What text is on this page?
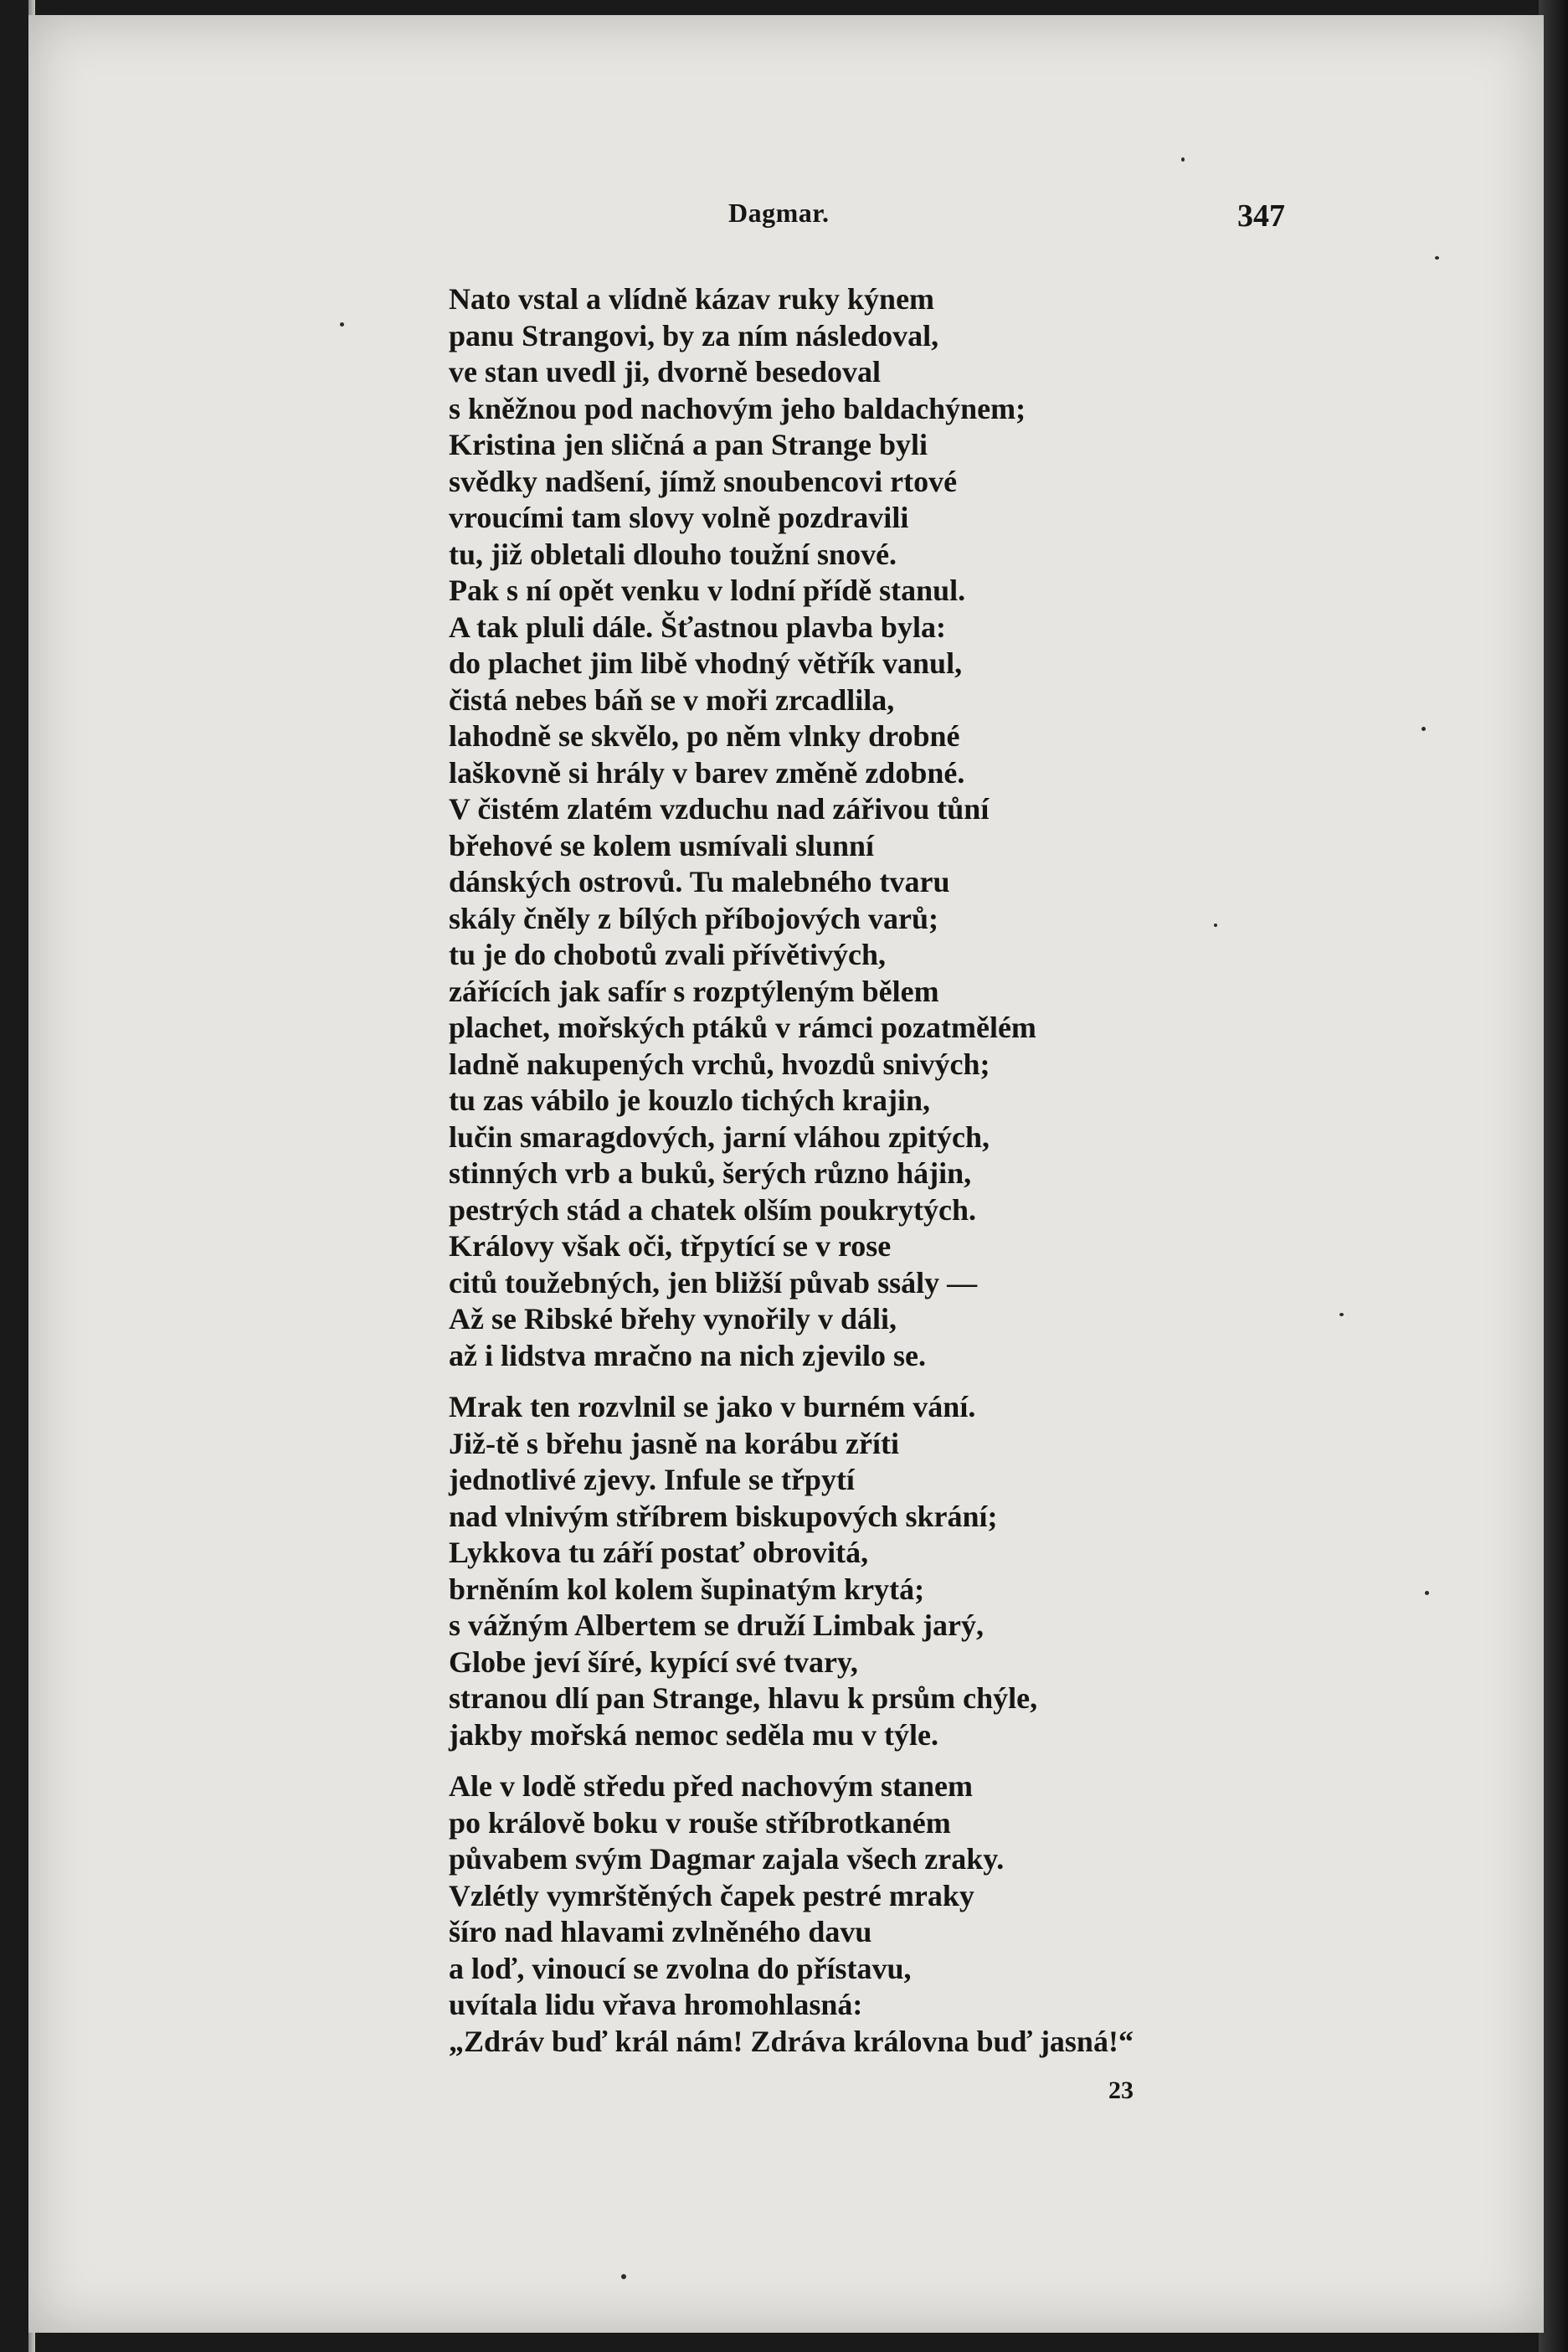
Dagmar.	347
Nato vstal a vlídně kázav ruky kýnem
panu Strangovi, by za ním následoval,
ve stan uvedl ji, dvorně besedoval
s kněžnou pod nachovým jeho baldachýnem;
Kristina jen sličná a pan Strange byli
svědky nadšení, jímž snoubencovi rtové
vroucími tam slovy volně pozdravili
tu, již obletali dlouho toužní snové.
Pak s ní opět venku v lodní přídě stanul.
A tak pluli dále. Šťastnou plavba byla:
do plachet jim libě vhodný větřík vanul,
čistá nebes báň se v moři zrcadlila,
lahodně se skvělo, po něm vlnky drobné
laškovně si hrály v barev změně zdobné.
V čistém zlatém vzduchu nad zářivou tůní
břehové se kolem usmívali slunní
dánských ostrovů. Tu malebného tvaru
skály čněly z bílých příbojových varů;
tu je do chobotů zvali přívětivých,
zářících jak safír s rozptýleným bělem
plachet, mořských ptáků v rámci pozatmělém
ladně nakupených vrchů, hvozdů snivých;
tu zas vábilo je kouzlo tichých krajin,
lučin smaragdových, jarní vláhou zpitých,
stinných vrb a buků, šerých různo hájin,
pestrých stád a chatek olším poukrytých.
Královy však oči, třpytící se v rose
citů toužebných, jen bližší půvab ssály —
Až se Ribské břehy vynořily v dáli,
až i lidstva mračno na nich zjevilo se.
Mrak ten rozvlnil se jako v burném vání.
Již-tě s břehu jasně na korábu zříti
jednotlivé zjevy. Infule se třpytí
nad vlnivým stříbrem biskupových skrání;
Lykkova tu září postať obrovitá,
brněním kol kolem šupinatým krytá;
s vážným Albertem se druží Limbak jarý,
Globe jeví šíré, kypící své tvary,
stranou dlí pan Strange, hlavu k prsům chýle,
jakby mořská nemoc seděla mu v týle.
Ale v lodě středu před nachovým stanem
po králově boku v rouše stříbrotkaném
půvabem svým Dagmar zajala všech zraky.
Vzlétly vymrštěných čapek pestré mraky
šíro nad hlavami zvlněného davu
a loď, vinoucí se zvolna do přístavu,
uvítala lidu vřava hromohlasná:
„Zdráv buď král nám! Zdráva královna buď jasná!“
23
